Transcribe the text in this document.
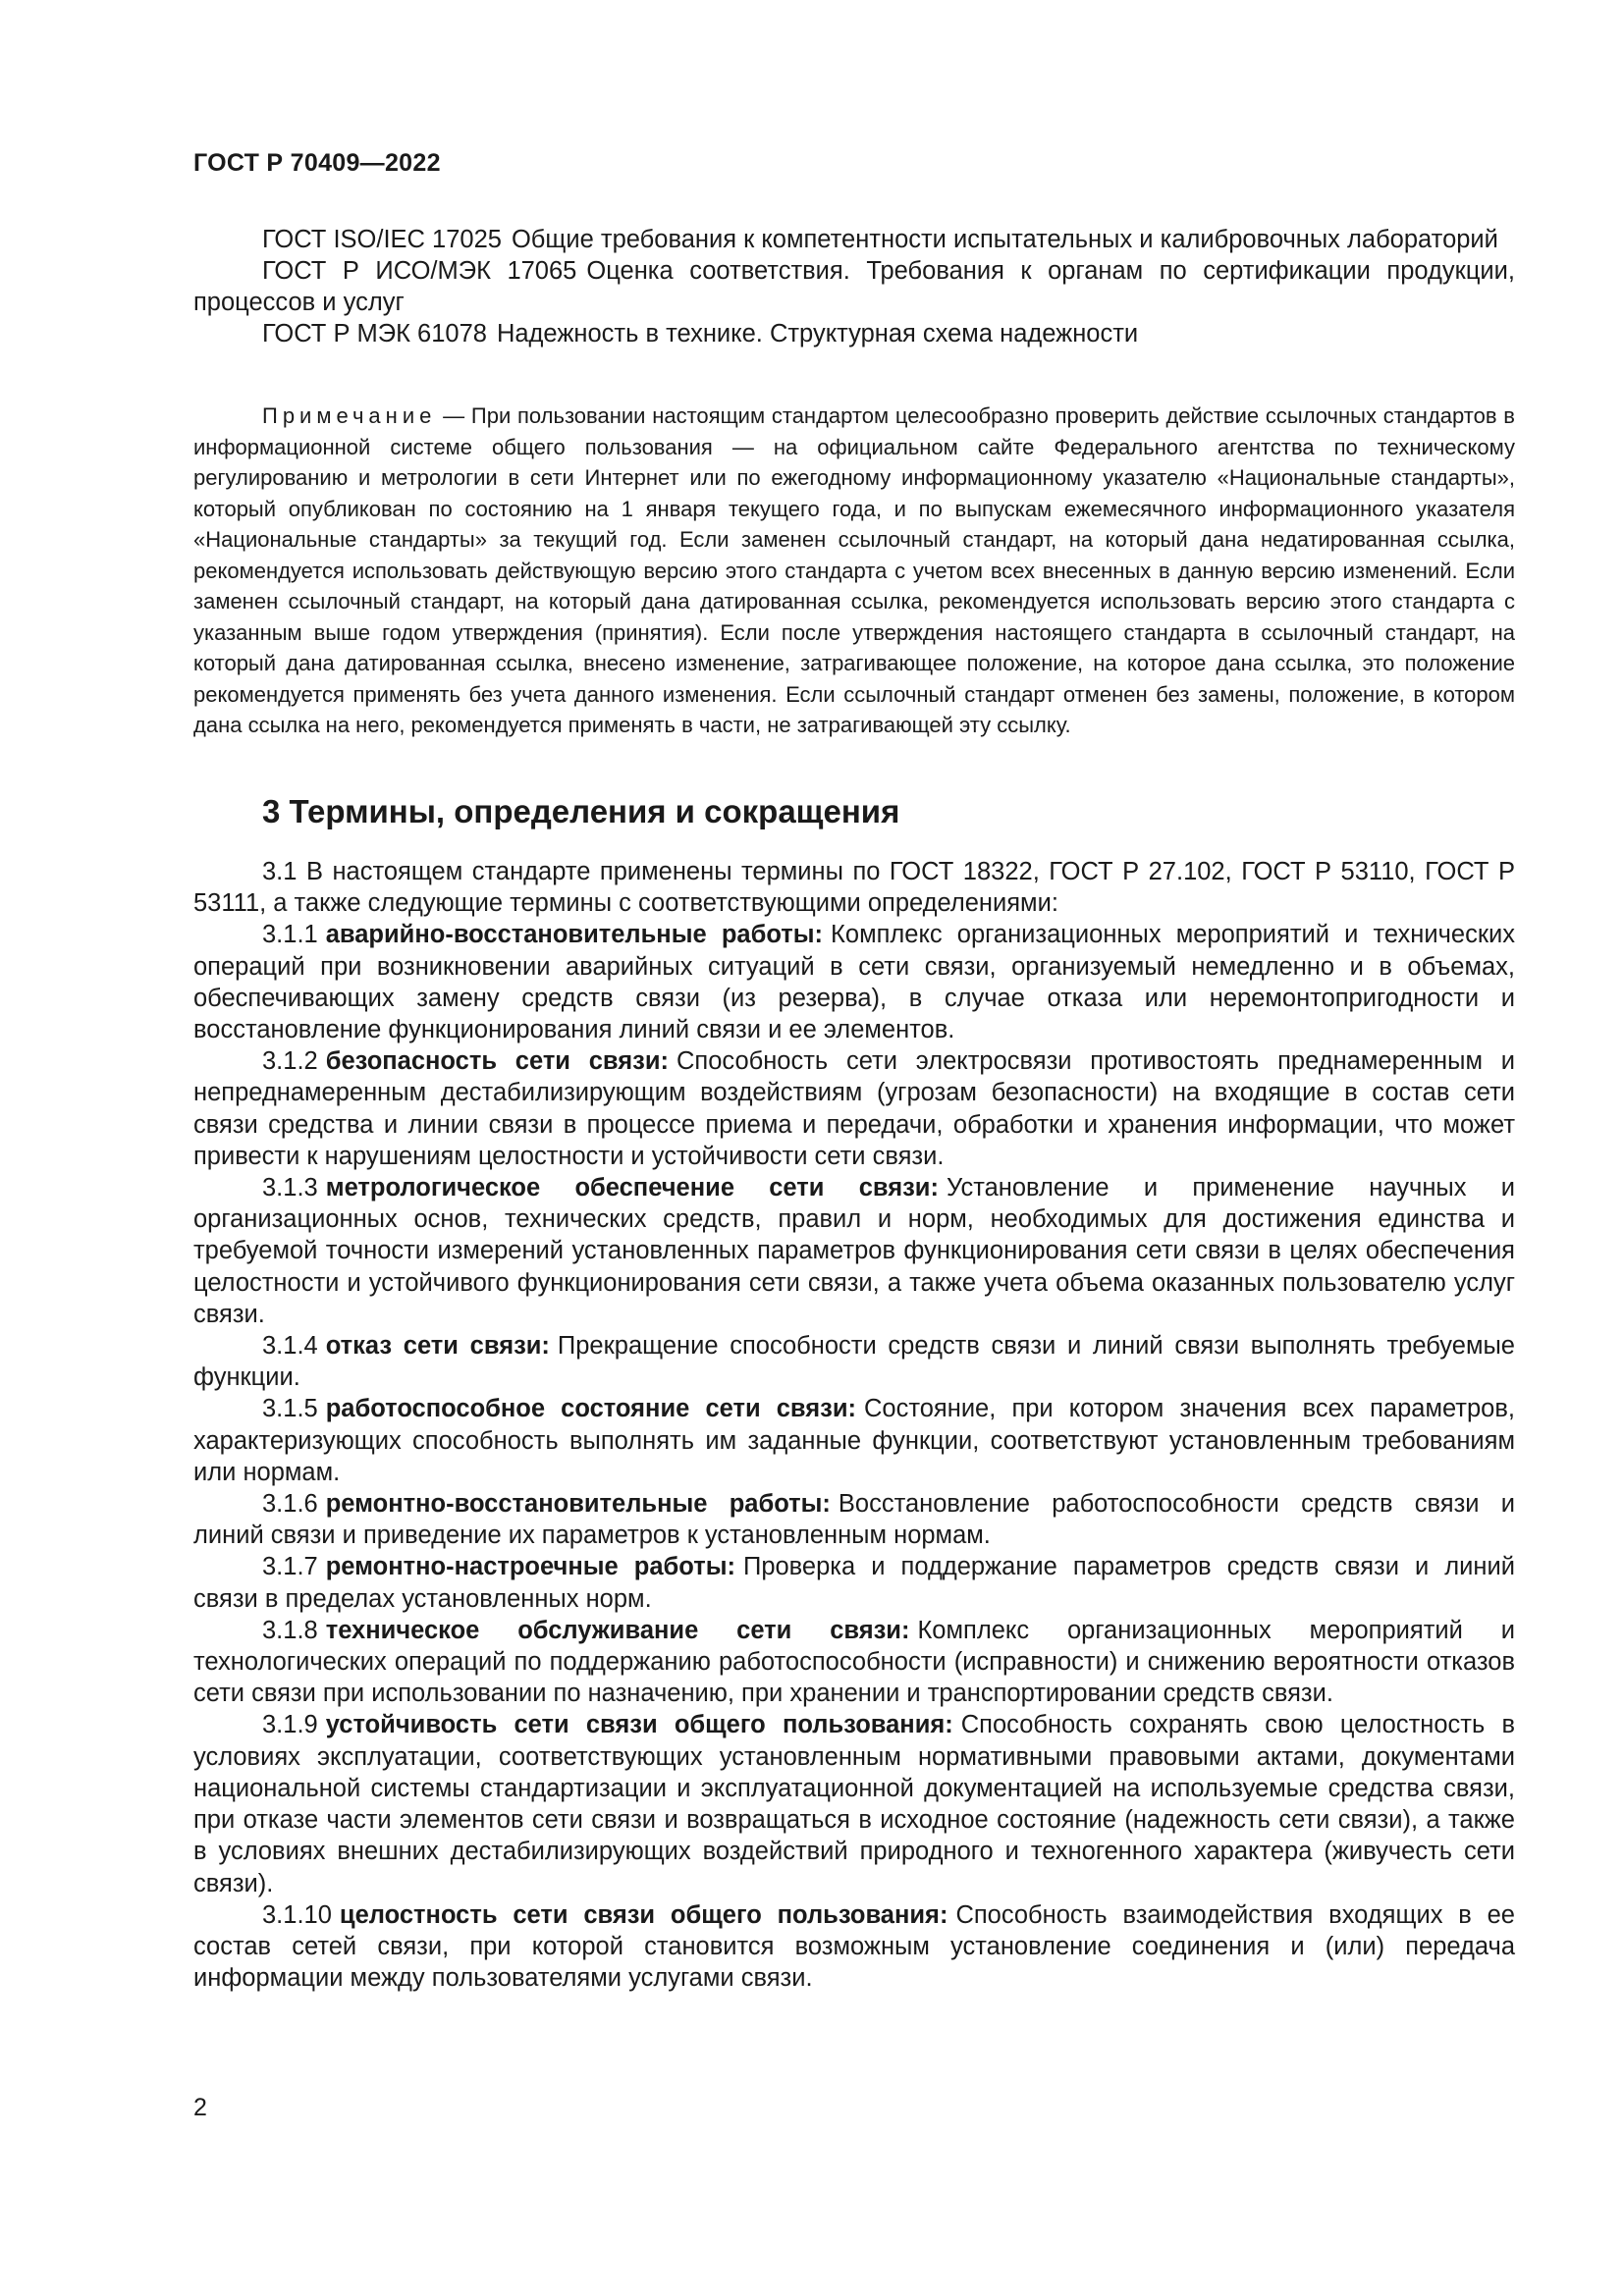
ГОСТ Р 70409—2022

ГОСТ ISO/IEC 17025 Общие требования к компетентности испытательных и калибровочных лабораторий

ГОСТ Р ИСО/МЭК 17065 Оценка соответствия. Требования к органам по сертификации продукции, процессов и услуг

ГОСТ Р МЭК 61078 Надежность в технике. Структурная схема надежности

Примечание — При пользовании настоящим стандартом целесообразно проверить действие ссылочных стандартов в информационной системе общего пользования — на официальном сайте Федерального агентства по техническому регулированию и метрологии в сети Интернет или по ежегодному информационному указателю «Национальные стандарты», который опубликован по состоянию на 1 января текущего года, и по выпускам ежемесячного информационного указателя «Национальные стандарты» за текущий год. Если заменен ссылочный стандарт, на который дана недатированная ссылка, рекомендуется использовать действующую версию этого стандарта с учетом всех внесенных в данную версию изменений. Если заменен ссылочный стандарт, на который дана датированная ссылка, рекомендуется использовать версию этого стандарта с указанным выше годом утверждения (принятия). Если после утверждения настоящего стандарта в ссылочный стандарт, на который дана датированная ссылка, внесено изменение, затрагивающее положение, на которое дана ссылка, это положение рекомендуется применять без учета данного изменения. Если ссылочный стандарт отменен без замены, положение, в котором дана ссылка на него, рекомендуется применять в части, не затрагивающей эту ссылку.

3 Термины, определения и сокращения

3.1 В настоящем стандарте применены термины по ГОСТ 18322, ГОСТ Р 27.102, ГОСТ Р 53110, ГОСТ Р 53111, а также следующие термины с соответствующими определениями:

3.1.1 аварийно-восстановительные работы: Комплекс организационных мероприятий и технических операций при возникновении аварийных ситуаций в сети связи, организуемый немедленно и в объемах, обеспечивающих замену средств связи (из резерва), в случае отказа или неремонтопригодности и восстановление функционирования линий связи и ее элементов.

3.1.2 безопасность сети связи: Способность сети электросвязи противостоять преднамеренным и непреднамеренным дестабилизирующим воздействиям (угрозам безопасности) на входящие в состав сети связи средства и линии связи в процессе приема и передачи, обработки и хранения информации, что может привести к нарушениям целостности и устойчивости сети связи.

3.1.3 метрологическое обеспечение сети связи: Установление и применение научных и организационных основ, технических средств, правил и норм, необходимых для достижения единства и требуемой точности измерений установленных параметров функционирования сети связи в целях обеспечения целостности и устойчивого функционирования сети связи, а также учета объема оказанных пользователю услуг связи.

3.1.4 отказ сети связи: Прекращение способности средств связи и линий связи выполнять требуемые функции.

3.1.5 работоспособное состояние сети связи: Состояние, при котором значения всех параметров, характеризующих способность выполнять им заданные функции, соответствуют установленным требованиям или нормам.

3.1.6 ремонтно-восстановительные работы: Восстановление работоспособности средств связи и линий связи и приведение их параметров к установленным нормам.

3.1.7 ремонтно-настроечные работы: Проверка и поддержание параметров средств связи и линий связи в пределах установленных норм.

3.1.8 техническое обслуживание сети связи: Комплекс организационных мероприятий и технологических операций по поддержанию работоспособности (исправности) и снижению вероятности отказов сети связи при использовании по назначению, при хранении и транспортировании средств связи.

3.1.9 устойчивость сети связи общего пользования: Способность сохранять свою целостность в условиях эксплуатации, соответствующих установленным нормативными правовыми актами, документами национальной системы стандартизации и эксплуатационной документацией на используемые средства связи, при отказе части элементов сети связи и возвращаться в исходное состояние (надежность сети связи), а также в условиях внешних дестабилизирующих воздействий природного и техногенного характера (живучесть сети связи).

3.1.10 целостность сети связи общего пользования: Способность взаимодействия входящих в ее состав сетей связи, при которой становится возможным установление соединения и (или) передача информации между пользователями услугами связи.

2
